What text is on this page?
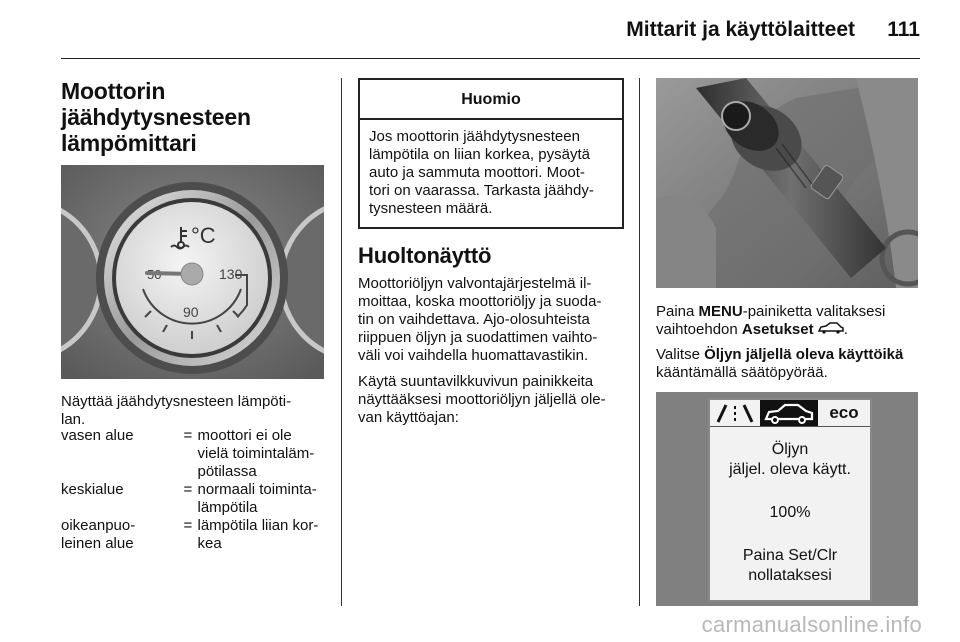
Mittarit ja käyttölaitteet 111
Moottorin
jäähdytysnesteen
lämpömittari
°C
90
130

Näyttää jäähdytysnesteen lämpöti-
lan.

vasen alue	= moottori ei ole
vielä toimintaläm-
pötilassa
keskialue	= normaali toiminta-
lämpötila
oikeanpuo-
leinen alue
= lämpötila liian kor-
kea
Huomio
Jos moottorin jäähdytysnesteen
lämpötila on liian korkea, pysäytä
auto ja sammuta moottori. Moot-
tori on vaarassa. Tarkasta jäähdy-
tysnesteen määrä.
Huoltonäyttö

Moottoriöljyn valvontajärjestelmä il-
moittaa, koska moottoriöljy ja suoda-
tin on vaihdettava. Ajo-olosuhteista
riippuen öljyn ja suodattimen vaihto-
väli voi vaihdella huomattavastikin.

Käytä suuntavilkkuvivun painikkeita
näyttääksesi moottoriöljyn jäljellä ole-
van käyttöajan:

Paina MENU-painiketta valitaksesi
vaihtoehdon Asetukset .

Valitse Öljyn jäljellä oleva käyttöikä
kääntämällä säätöpyörää.

eco
Öljyn
jäljel. oleva käytt.
100%
Paina Set/Clr
nollataksesi
carmanualsonline.info
